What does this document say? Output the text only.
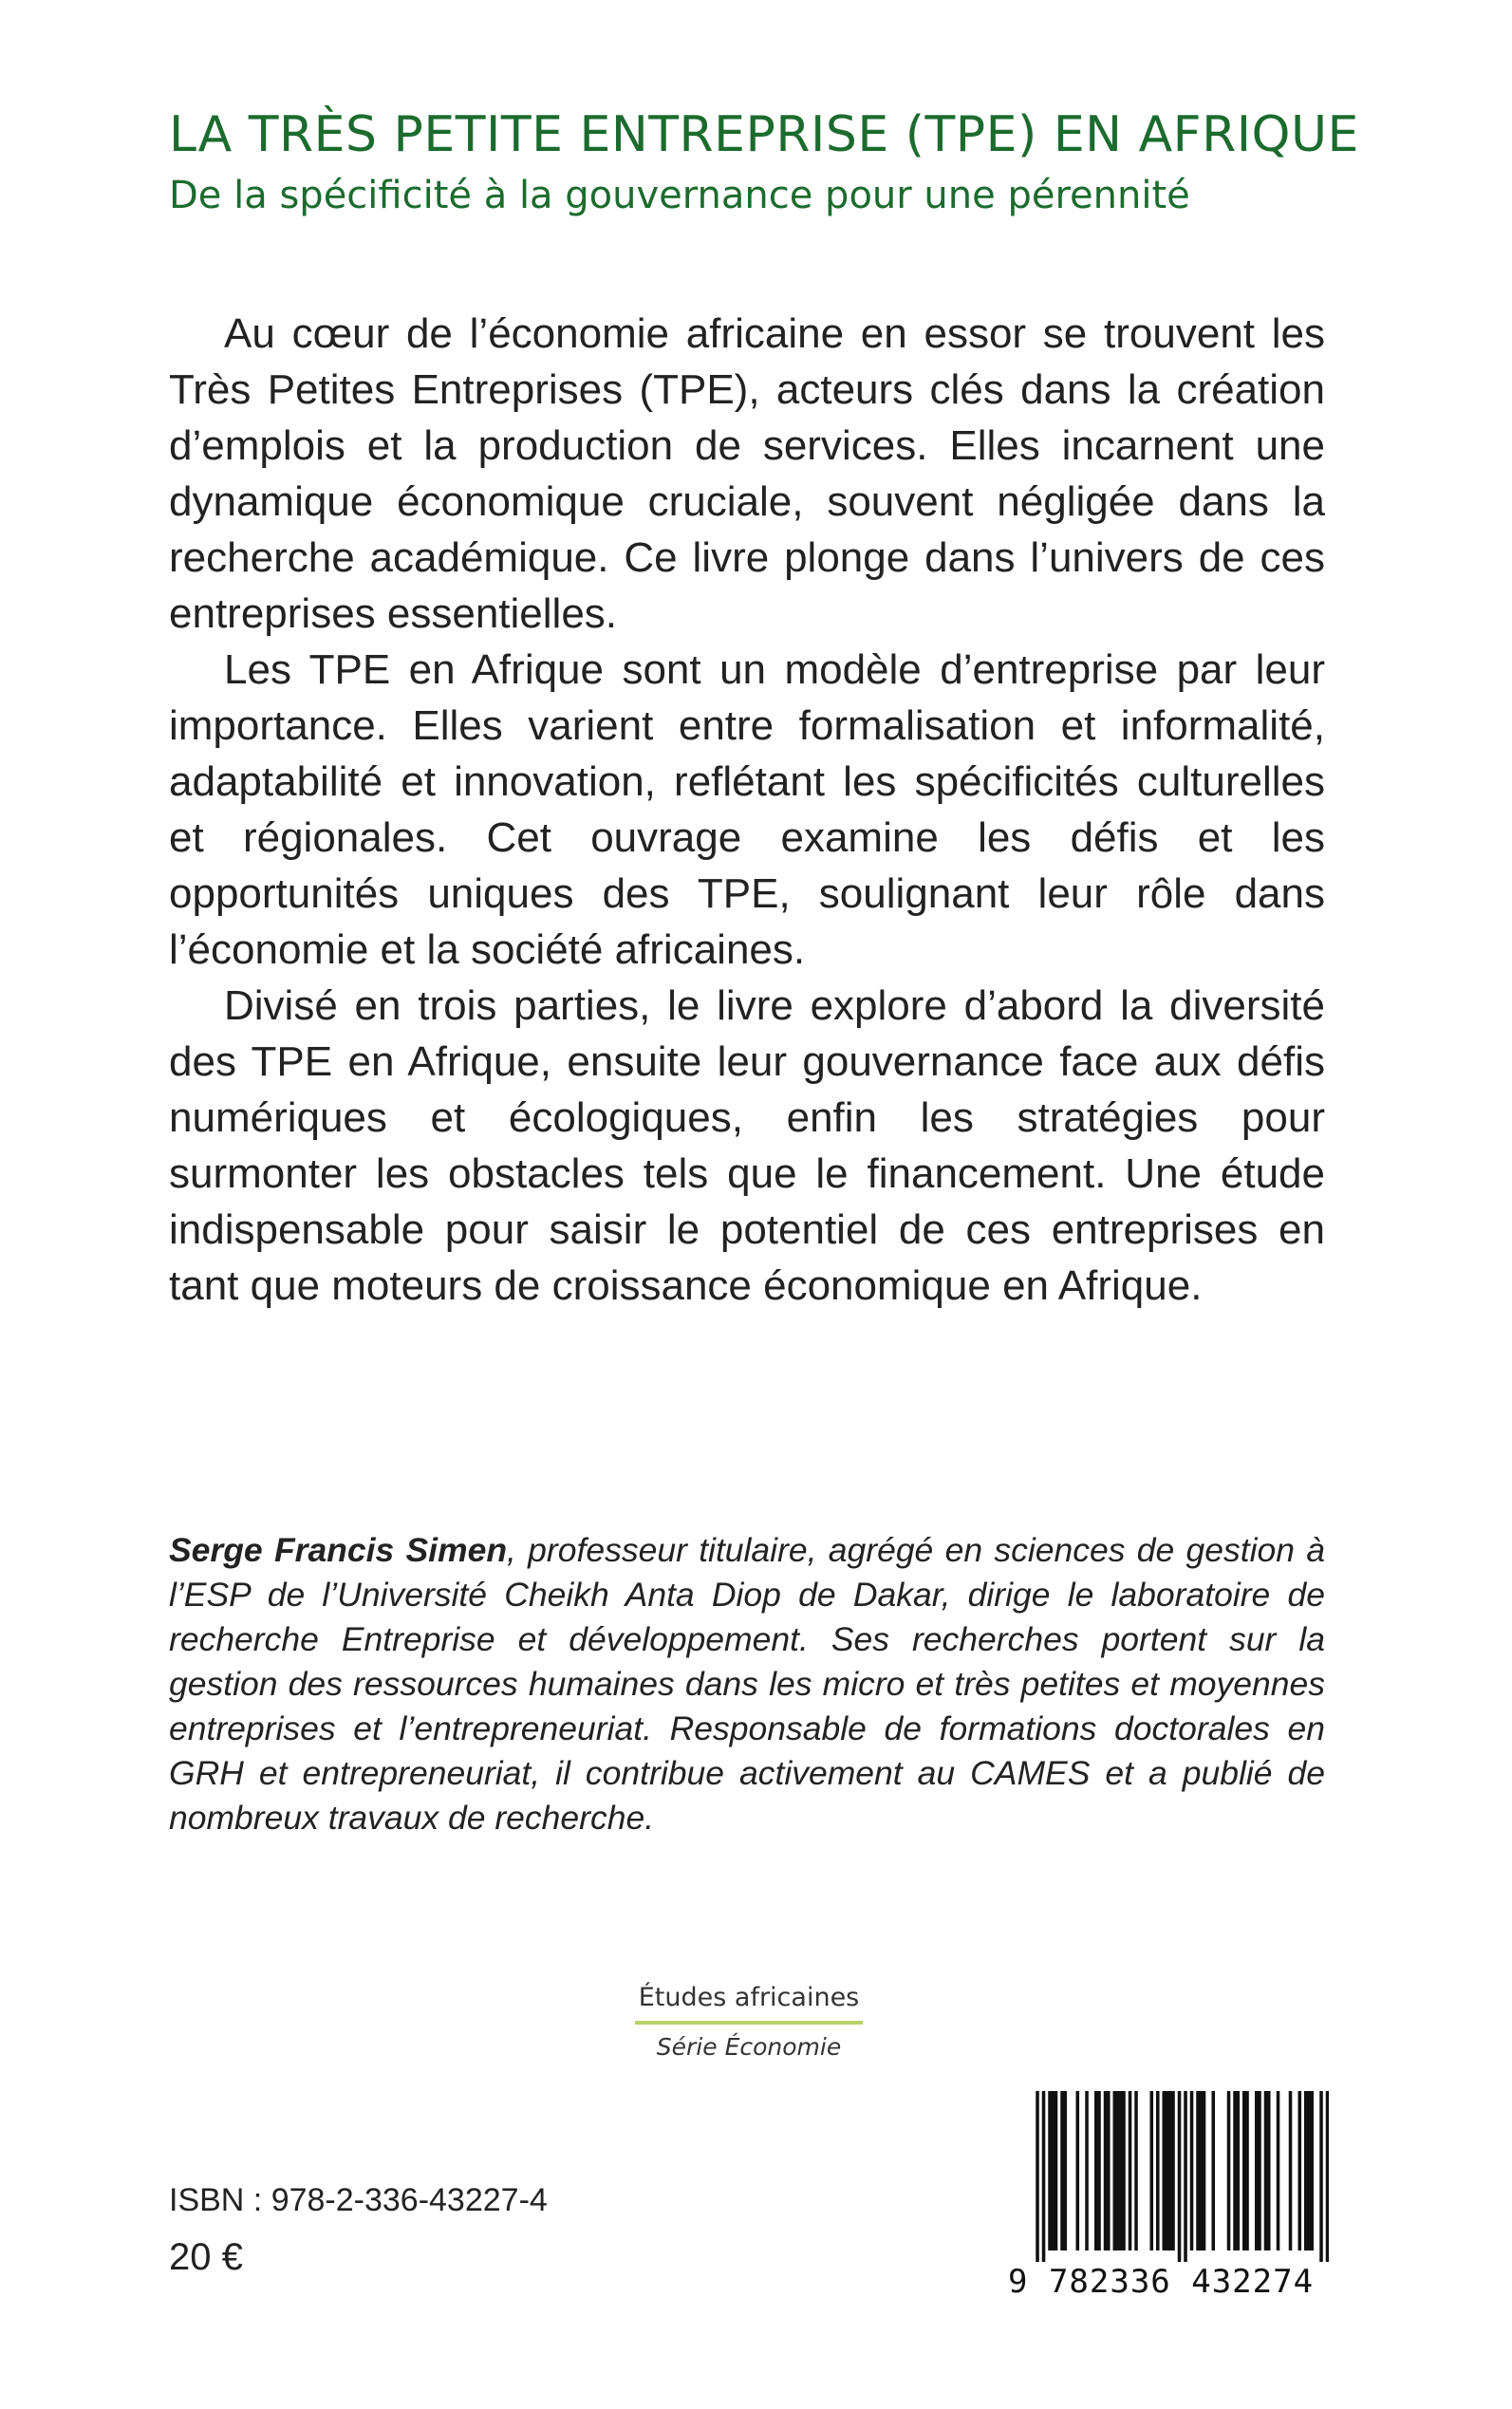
LA TRÈS PETITE ENTREPRISE (TPE) EN AFRIQUE
De la spécificité à la gouvernance pour une pérennité

Au cœur de l’économie africaine en essor se trouvent les Très Petites Entreprises (TPE), acteurs clés dans la création d’emplois et la production de services. Elles incarnent une dynamique économique cruciale, souvent négligée dans la recherche académique. Ce livre plonge dans l’univers de ces entreprises essentielles.

Les TPE en Afrique sont un modèle d’entreprise par leur importance. Elles varient entre formalisation et informalité, adaptabilité et innovation, reflétant les spécificités culturelles et régionales. Cet ouvrage examine les défis et les opportunités uniques des TPE, soulignant leur rôle dans l’économie et la société africaines.

Divisé en trois parties, le livre explore d’abord la diversité des TPE en Afrique, ensuite leur gouvernance face aux défis numériques et écologiques, enfin les stratégies pour surmonter les obstacles tels que le financement. Une étude indispensable pour saisir le potentiel de ces entreprises en tant que moteurs de croissance économique en Afrique.

Serge Francis Simen, professeur titulaire, agrégé en sciences de gestion à l’ESP de l’Université Cheikh Anta Diop de Dakar, dirige le laboratoire de recherche Entreprise et développement. Ses recherches portent sur la gestion des ressources humaines dans les micro et très petites et moyennes entreprises et l’entrepreneuriat. Responsable de formations doctorales en GRH et entrepreneuriat, il contribue activement au CAMES et a publié de nombreux travaux de recherche.
Études africaines
Série Économie
ISBN : 978-2-336-43227-4
20 €
9 782336 432274
